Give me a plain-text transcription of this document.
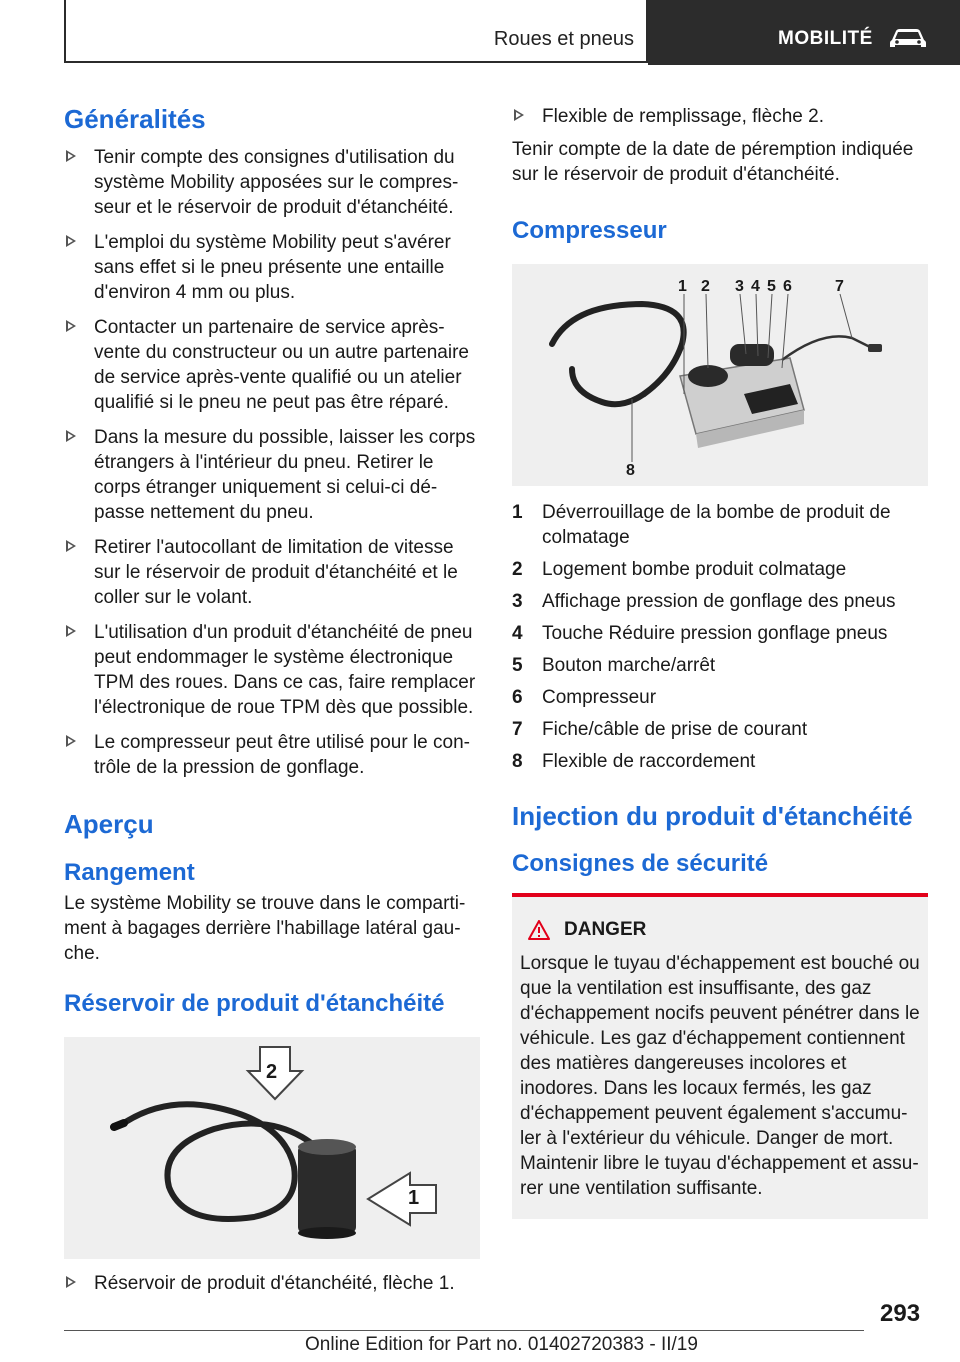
Roues et pneus	MOBILITÉ
Généralités
Tenir compte des consignes d'utilisation du système Mobility apposées sur le compresseur et le réservoir de produit d'étanchéité.
L'emploi du système Mobility peut s'avérer sans effet si le pneu présente une entaille d'environ 4 mm ou plus.
Contacter un partenaire de service après-vente du constructeur ou un autre partenaire de service après-vente qualifié ou un atelier qualifié si le pneu ne peut pas être réparé.
Dans la mesure du possible, laisser les corps étrangers à l'intérieur du pneu. Retirer le corps étranger uniquement si celui-ci dépasse nettement du pneu.
Retirer l'autocollant de limitation de vitesse sur le réservoir de produit d'étanchéité et le coller sur le volant.
L'utilisation d'un produit d'étanchéité de pneu peut endommager le système électronique TPM des roues. Dans ce cas, faire remplacer l'électronique de roue TPM dès que possible.
Le compresseur peut être utilisé pour le contrôle de la pression de gonflage.
Aperçu
Rangement

Le système Mobility se trouve dans le compartiment à bagages derrière l'habillage latéral gauche.

Réservoir de produit d'étanchéité
2
1
Réservoir de produit d'étanchéité, flèche 1.
Flexible de remplissage, flèche 2.

Tenir compte de la date de péremption indiquée sur le réservoir de produit d'étanchéité.

Compresseur
1 2 3 4 5 6	7
8
1 Déverrouillage de la bombe de produit de colmatage
2 Logement bombe produit colmatage
3 Affichage pression de gonflage des pneus
4 Touche Réduire pression gonflage pneus
5 Bouton marche/arrêt
6 Compresseur
7 Fiche/câble de prise de courant
8 Flexible de raccordement
Injection du produit d'étanchéité
Consignes de sécurité
DANGER

Lorsque le tuyau d'échappement est bouché ou que la ventilation est insuffisante, des gaz d'échappement nocifs peuvent pénétrer dans le véhicule. Les gaz d'échappement contiennent des matières dangereuses incolores et inodores. Dans les locaux fermés, les gaz d'échappement peuvent également s'accumuler à l'extérieur du véhicule. Danger de mort. Maintenir libre le tuyau d'échappement et assurer une ventilation suffisante.

293
Online Edition for Part no. 01402720383 - II/19
